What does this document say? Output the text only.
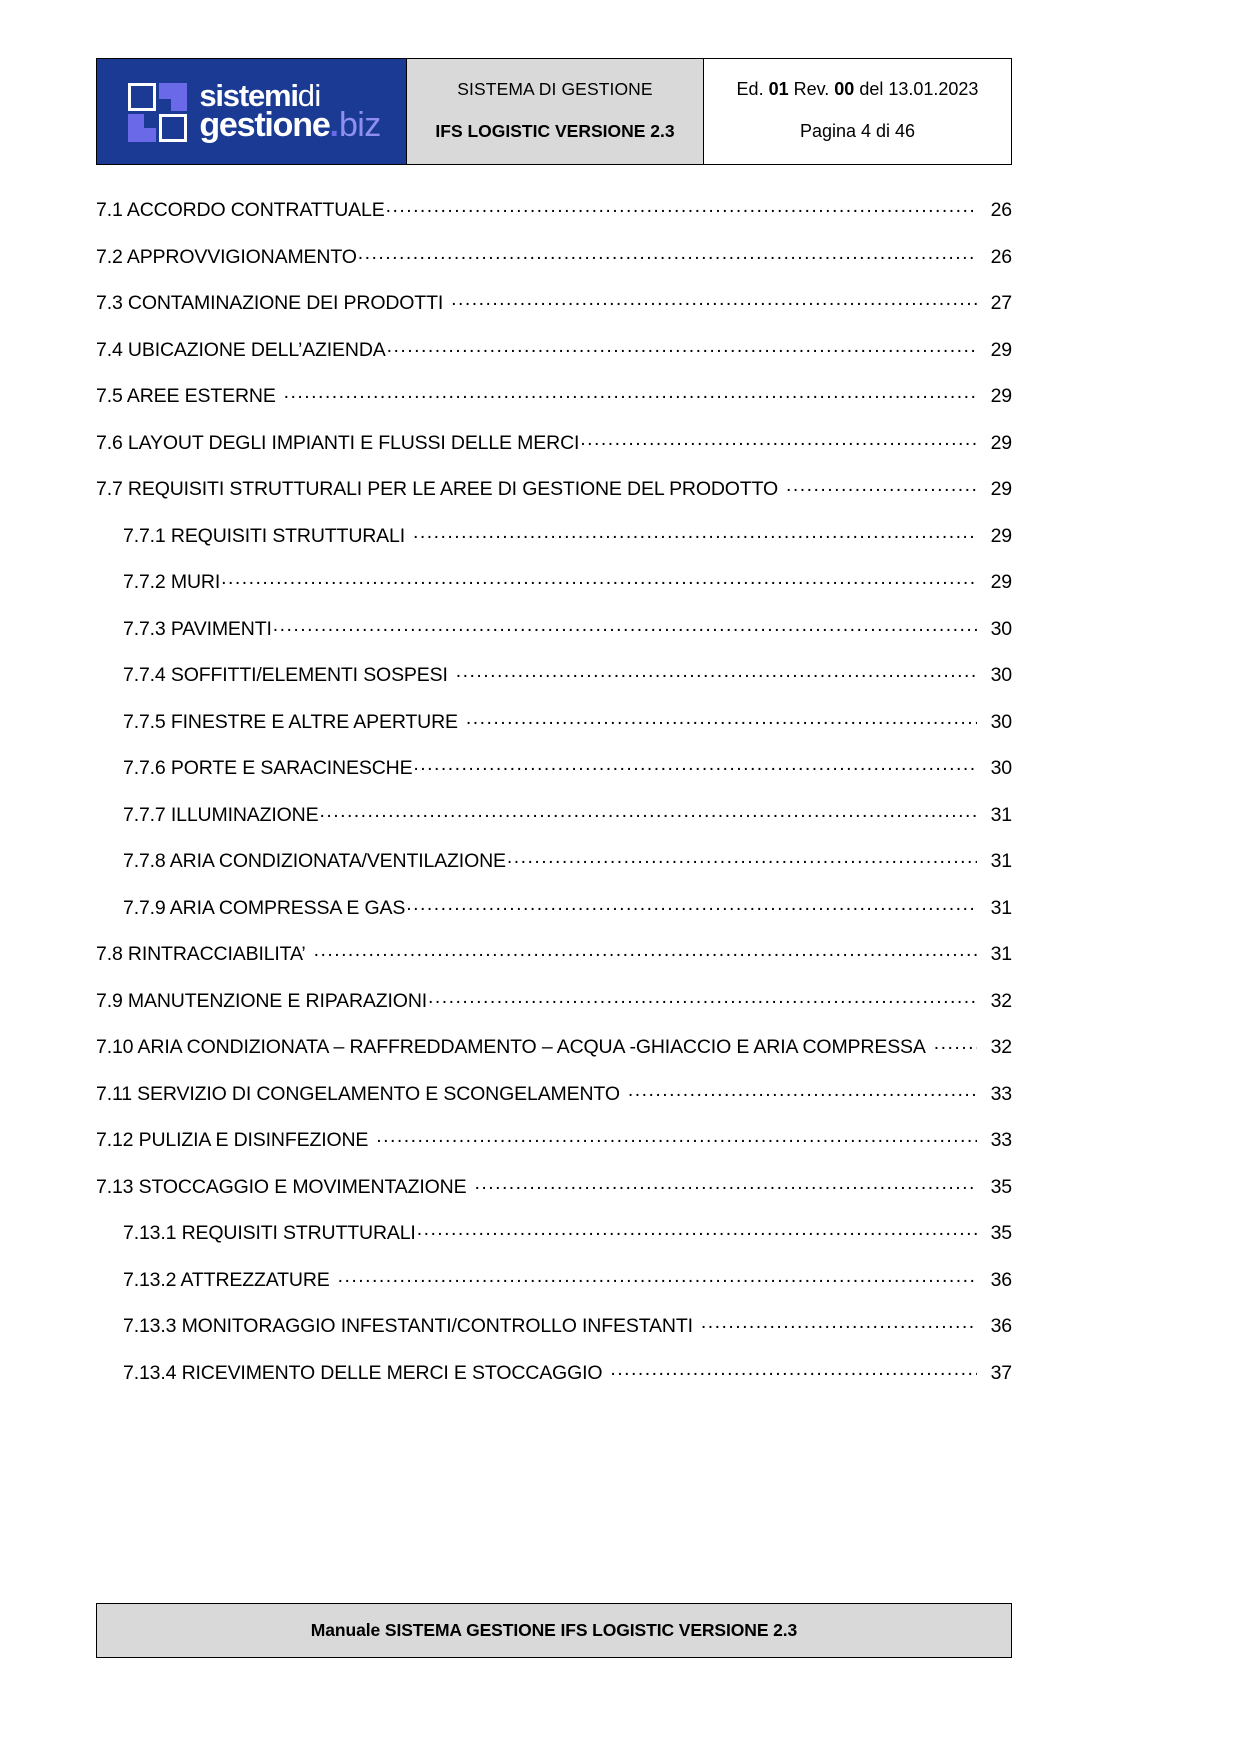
sistemidi
gestione.biz
SISTEMA DI GESTIONE
IFS LOGISTIC VERSIONE 2.3
Ed. 01 Rev. 00 del 13.01.2023
Pagina 4 di 46
7.1 ACCORDO CONTRATTUALE .....	26
7.2 APPROVVIGIONAMENTO .....	26
7.3 CONTAMINAZIONE DEI PRODOTTI .....	27
7.4 UBICAZIONE DELL’AZIENDA .....	29
7.5 AREE ESTERNE .....	29
7.6 LAYOUT DEGLI IMPIANTI E FLUSSI DELLE MERCI .....	29
7.7 REQUISITI STRUTTURALI PER LE AREE DI GESTIONE DEL PRODOTTO .....	29
7.7.1 REQUISITI STRUTTURALI .....	29
7.7.2 MURI .....	29
7.7.3 PAVIMENTI .....	30
7.7.4 SOFFITTI/ELEMENTI SOSPESI .....	30
7.7.5 FINESTRE E ALTRE APERTURE .....	30
7.7.6 PORTE E SARACINESCHE .....	30
7.7.7 ILLUMINAZIONE .....	31
7.7.8 ARIA CONDIZIONATA/VENTILAZIONE .....	31
7.7.9 ARIA COMPRESSA E GAS .....	31
7.8 RINTRACCIABILITA’ .....	31
7.9 MANUTENZIONE E RIPARAZIONI .....	32
7.10 ARIA CONDIZIONATA – RAFFREDDAMENTO – ACQUA -GHIACCIO E ARIA COMPRESSA .....	32
7.11 SERVIZIO DI CONGELAMENTO E SCONGELAMENTO .....	33
7.12 PULIZIA E DISINFEZIONE .....	33
7.13 STOCCAGGIO E MOVIMENTAZIONE .....	35
7.13.1 REQUISITI STRUTTURALI .....	35
7.13.2 ATTREZZATURE .....	36
7.13.3 MONITORAGGIO INFESTANTI/CONTROLLO INFESTANTI .....	36
7.13.4 RICEVIMENTO DELLE MERCI E STOCCAGGIO .....	37
Manuale SISTEMA GESTIONE IFS LOGISTIC VERSIONE 2.3
